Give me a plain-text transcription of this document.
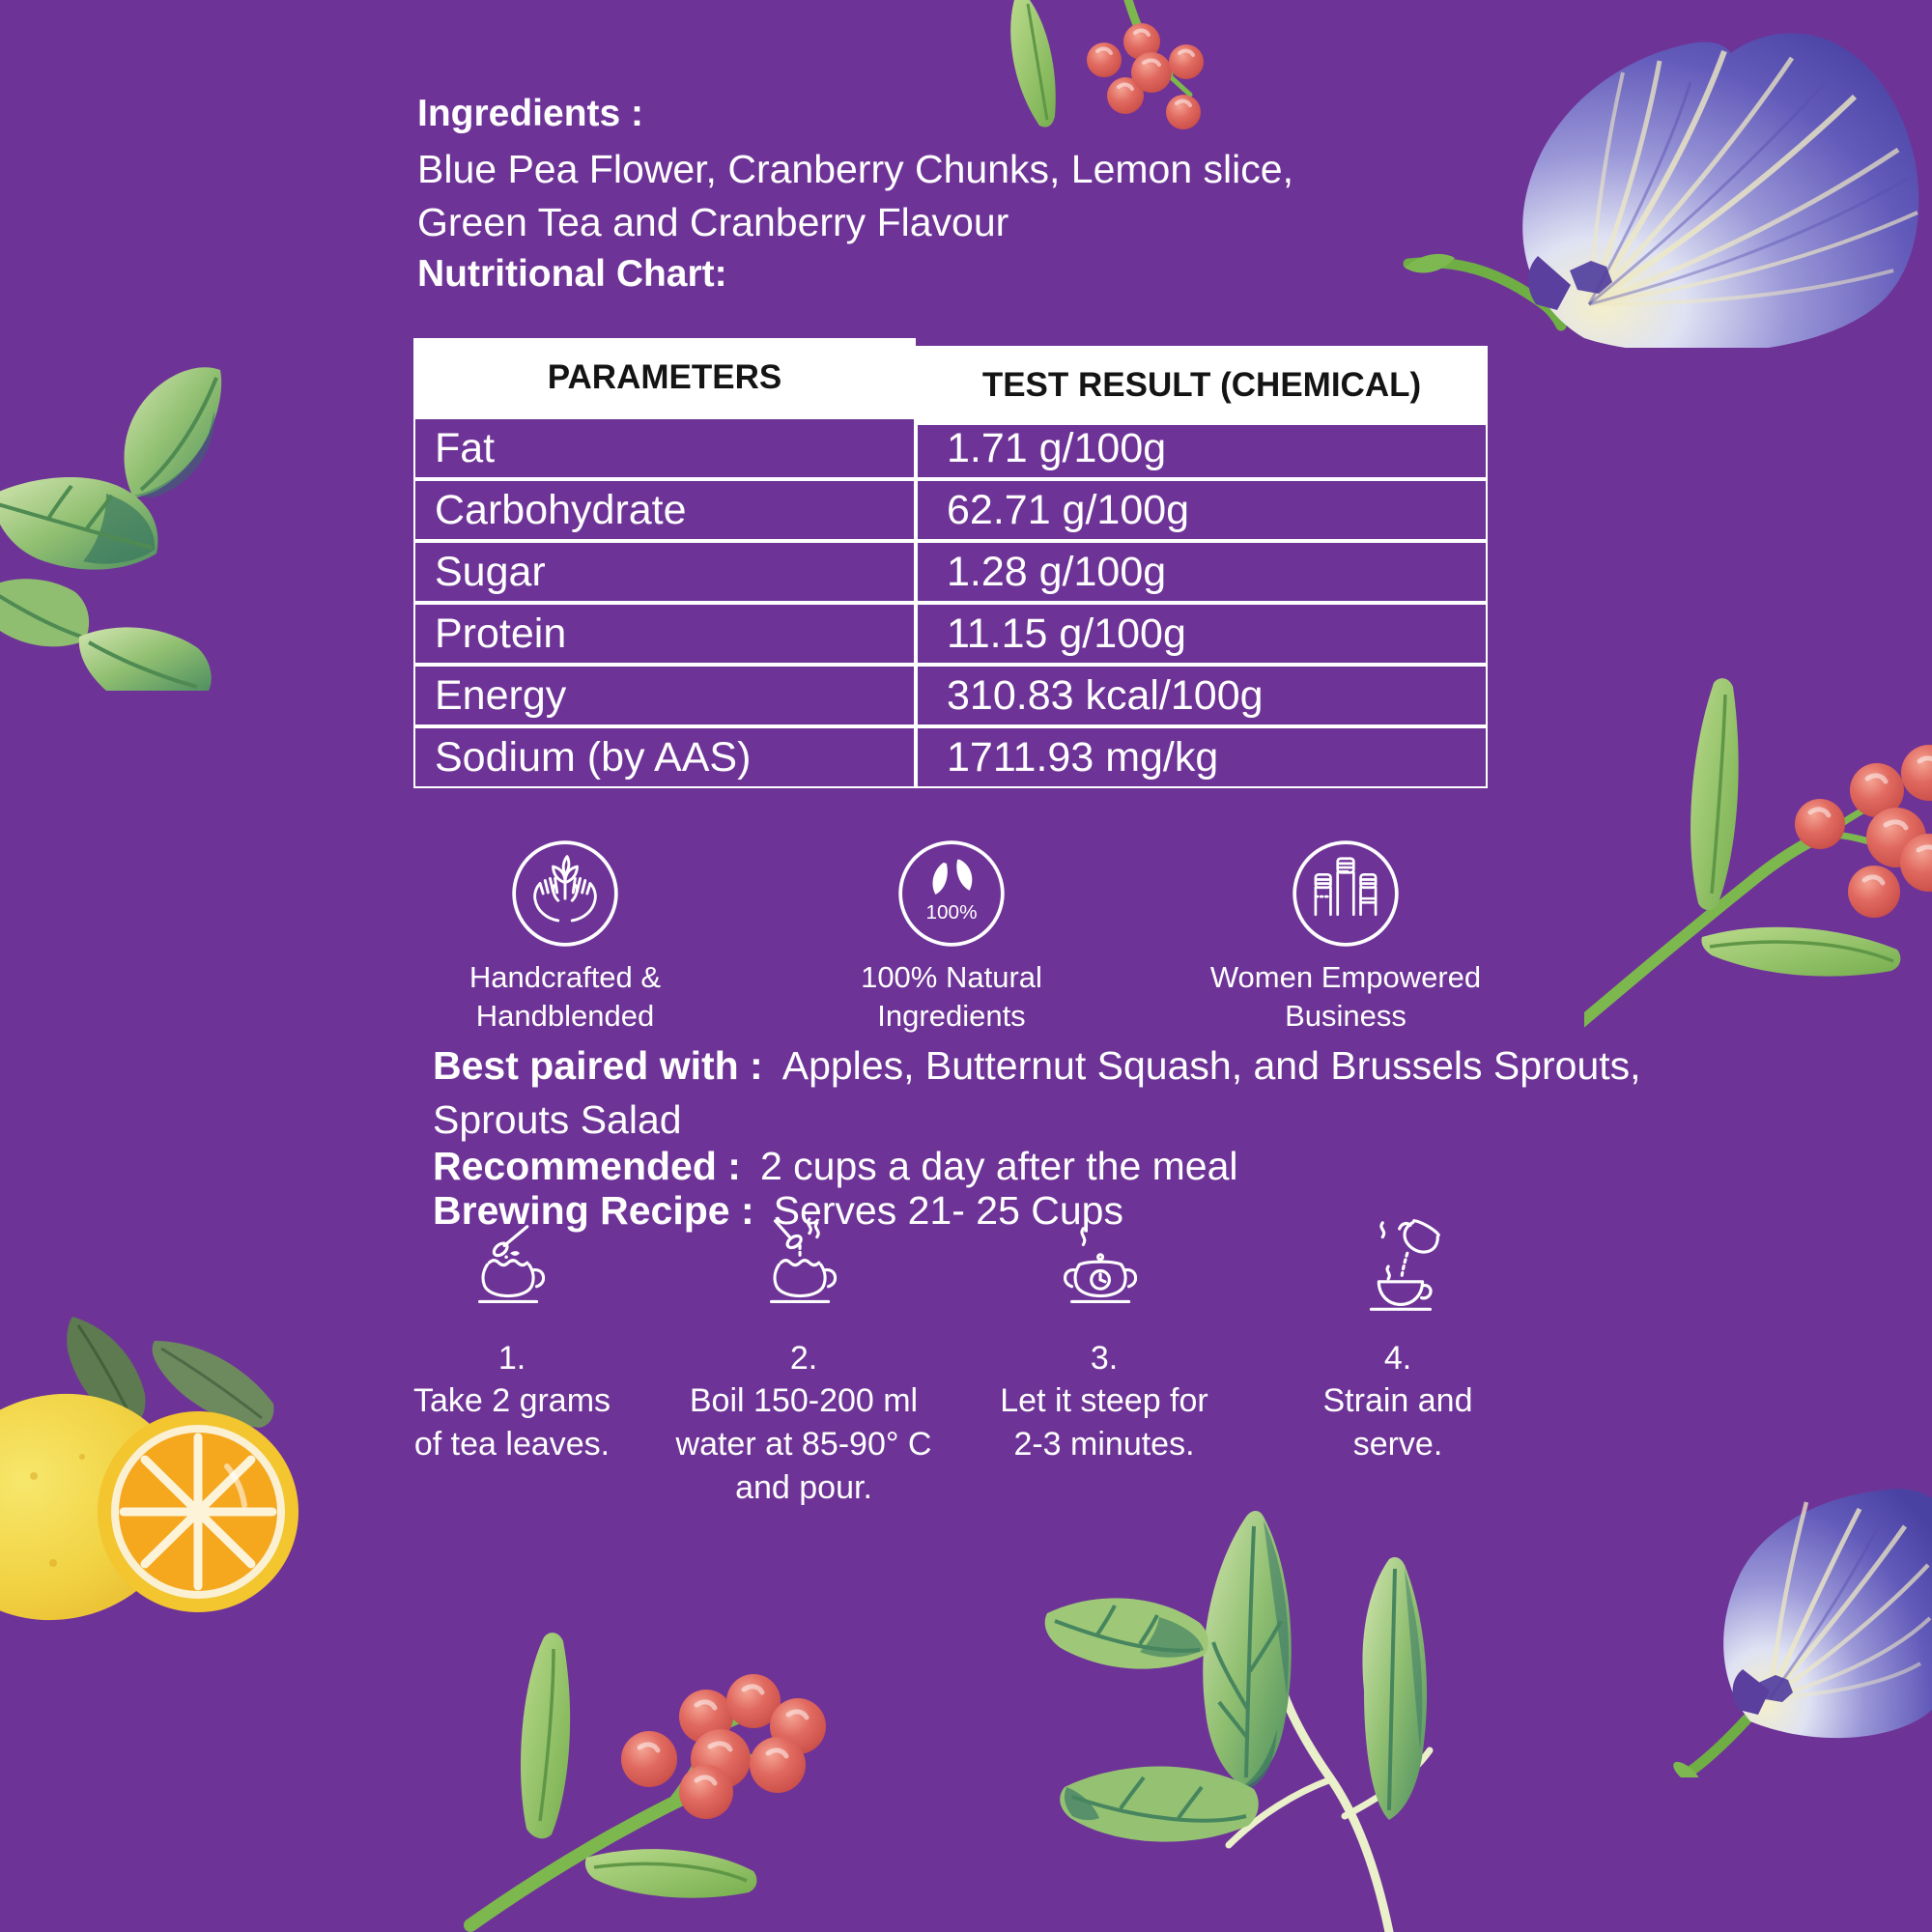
Ingredients :
Blue Pea Flower, Cranberry Chunks, Lemon slice,
Green Tea and Cranberry Flavour
Nutritional Chart:
PARAMETERS	TEST RESULT (CHEMICAL)
Fat	1.71 g/100g
Carbohydrate	62.71 g/100g
Sugar	1.28 g/100g
Protein	11.15 g/100g
Energy	310.83 kcal/100g
Sodium (by AAS)	1711.93 mg/kg
Handcrafted &
Handblended
100%
100% Natural
Ingredients
Women Empowered
Business
Best paired with : Apples, Butternut Squash, and Brussels Sprouts,
Sprouts Salad
Recommended : 2 cups a day after the meal
Brewing Recipe : Serves 21- 25 Cups
1.
Take 2 grams
of tea leaves.
2.
Boil 150-200 ml
water at 85-90° C
and pour.
3.
Let it steep for
2-3 minutes.
4.
Strain and
serve.
